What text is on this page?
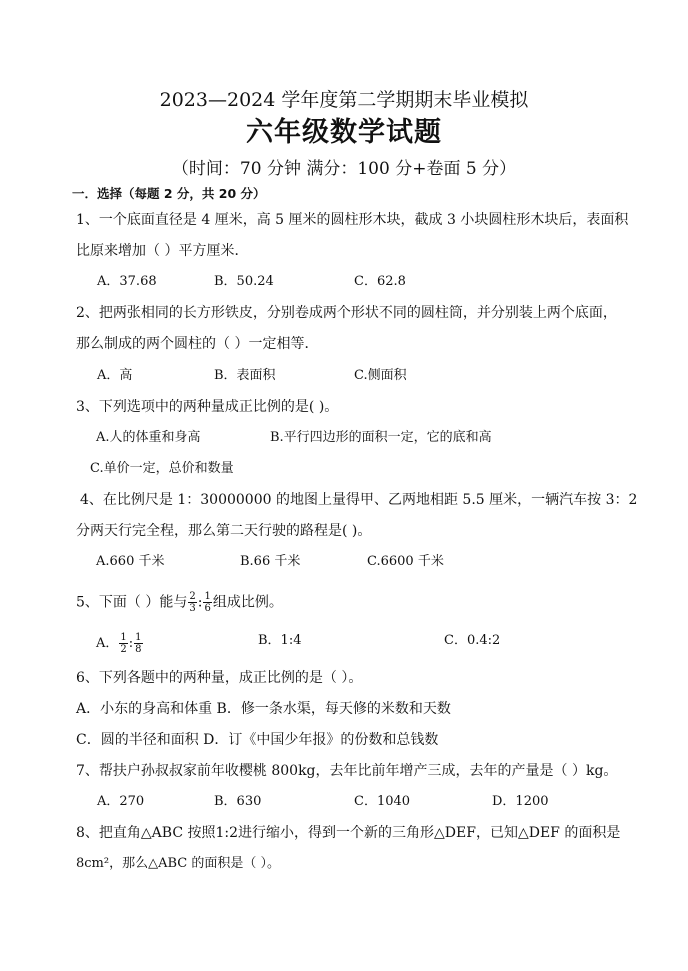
2023—2024 学年度第二学期期末毕业模拟
六年级数学试题
（时间：70 分钟 满分：100 分+卷面 5 分）
一．选择（每题 2 分，共 20 分）
1、一个底面直径是 4 厘米，高 5 厘米的圆柱形木块，截成 3 小块圆柱形木块后，表面积
比原来增加（ ）平方厘米．
A．37.68	B．50.24	C．62.8
2、把两张相同的长方形铁皮，分别卷成两个形状不同的圆柱筒，并分别装上两个底面，
那么制成的两个圆柱的（ ）一定相等．
A．高	B．表面积	C.侧面积
3、下列选项中的两种量成正比例的是( )。
A.人的体重和身高	B.平行四边形的面积一定，它的底和高
C.单价一定，总价和数量
4、在比例尺是 1：30000000 的地图上量得甲、乙两地相距 5.5 厘米，一辆汽车按 3：2
分两天行完全程，那么第二天行驶的路程是( )。
A.660 千米	B.66 千米	C.6600 千米
5、下面（ ）能与 $\frac{2}{3}$ : $\frac{1}{6}$ 组成比例。
A． $\frac{1}{2}$ : $\frac{1}{8}$	B．1:4	C．0.4:2
6、下列各题中的两种量，成正比例的是（ ）。
A．小东的身高和体重 B．修一条水渠，每天修的米数和天数
C．圆的半径和面积 D．订《中国少年报》的份数和总钱数
7、帮扶户孙叔叔家前年收樱桃 800kg，去年比前年增产三成，去年的产量是（ ）kg。
A．270	B．630	C．1040	D．1200
8、把直角△ABC 按照1:2进行缩小，得到一个新的三角形△DEF，已知△DEF 的面积是
8cm²，那么△ABC 的面积是（ ）。
